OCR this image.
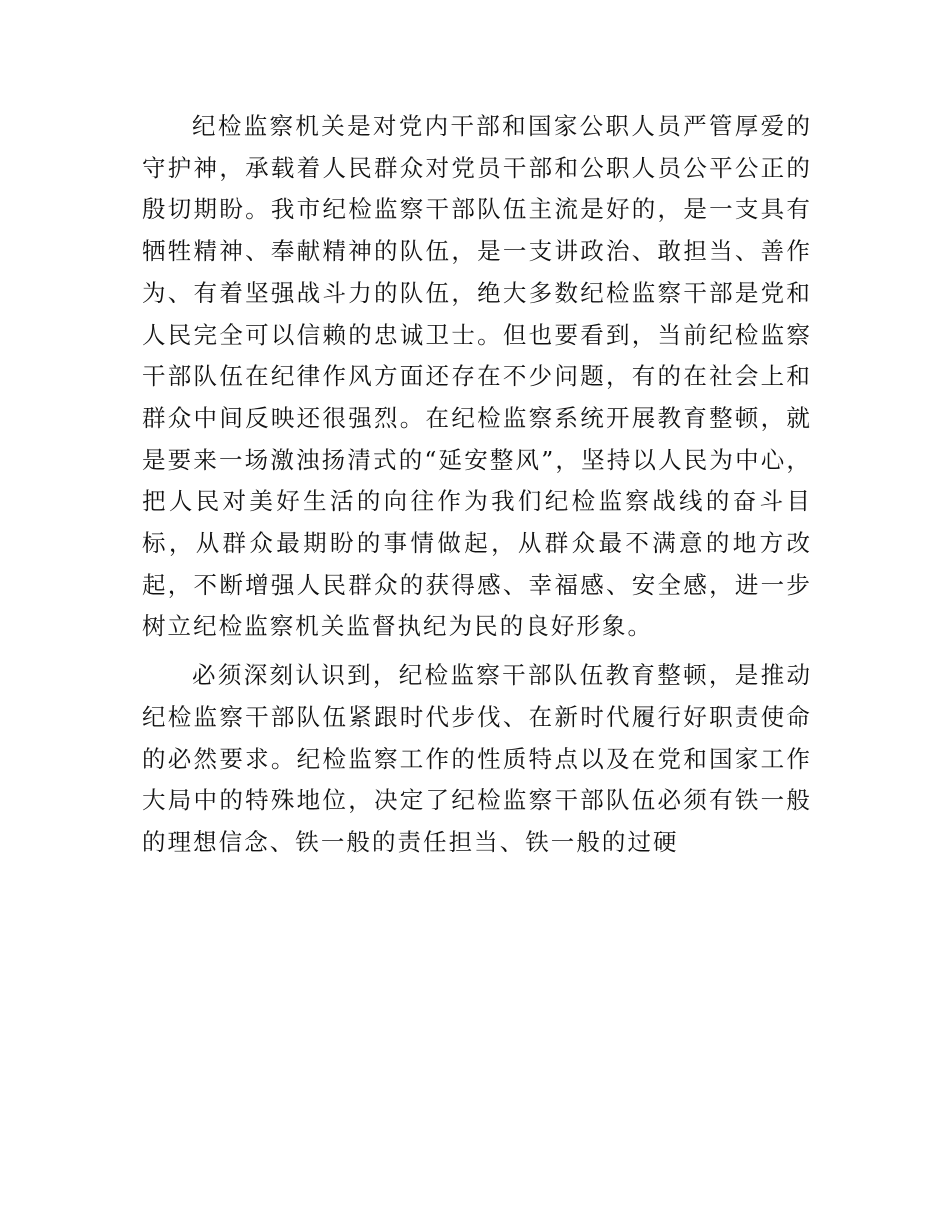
纪检监察机关是对党内干部和国家公职人员严管厚爱的守护神，承载着人民群众对党员干部和公职人员公平公正的殷切期盼。我市纪检监察干部队伍主流是好的，是一支具有牺牲精神、奉献精神的队伍，是一支讲政治、敢担当、善作为、有着坚强战斗力的队伍，绝大多数纪检监察干部是党和人民完全可以信赖的忠诚卫士。但也要看到，当前纪检监察干部队伍在纪律作风方面还存在不少问题，有的在社会上和群众中间反映还很强烈。在纪检监察系统开展教育整顿，就是要来一场激浊扬清式的“延安整风”，坚持以人民为中心，把人民对美好生活的向往作为我们纪检监察战线的奋斗目标，从群众最期盼的事情做起，从群众最不满意的地方改起，不断增强人民群众的获得感、幸福感、安全感，进一步树立纪检监察机关监督执纪为民的良好形象。

必须深刻认识到，纪检监察干部队伍教育整顿，是推动纪检监察干部队伍紧跟时代步伐、在新时代履行好职责使命的必然要求。纪检监察工作的性质特点以及在党和国家工作大局中的特殊地位，决定了纪检监察干部队伍必须有铁一般的理想信念、铁一般的责任担当、铁一般的过硬
